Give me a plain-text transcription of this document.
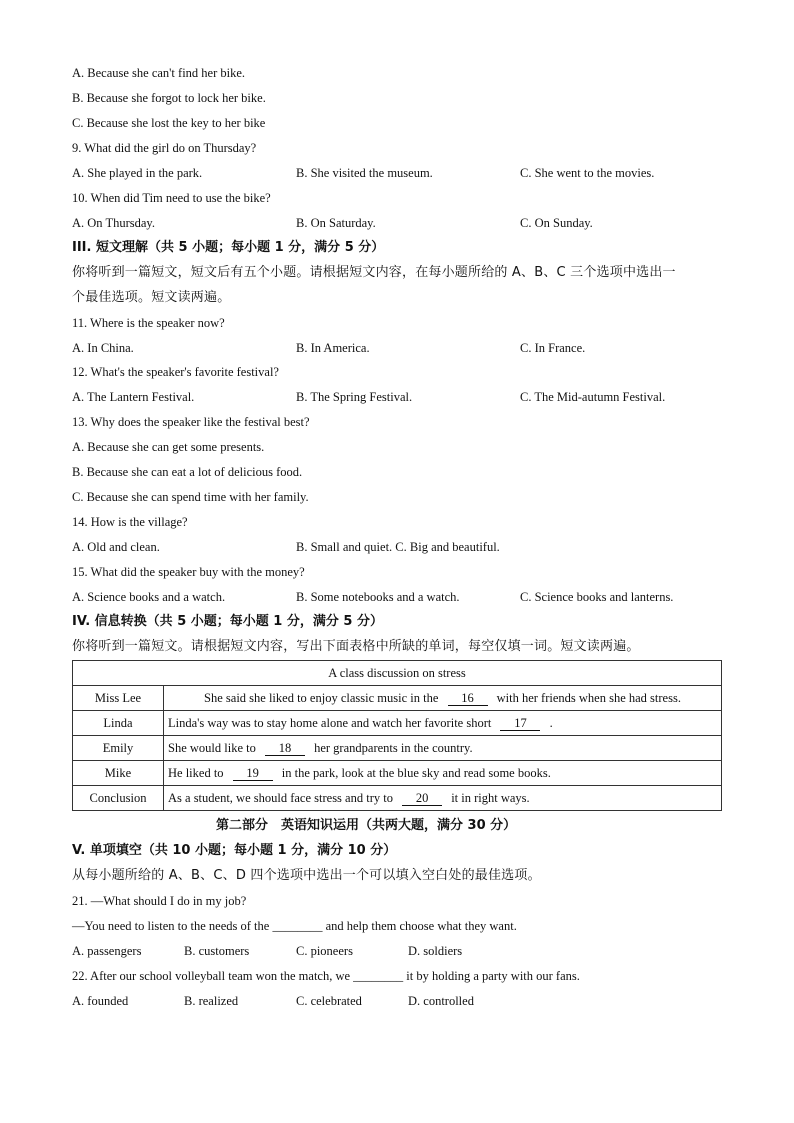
A. Because she can't find her bike.
B. Because she forgot to lock her bike.
C. Because she lost the key to her bike
9. What did the girl do on Thursday?
A. She played in the park.	B. She visited the museum.	C. She went to the movies.
10. When did Tim need to use the bike?
A. On Thursday.	B. On Saturday.	C. On Sunday.
III. 短文理解（共 5 小题；每小题 1 分，满分 5 分）
你将听到一篇短文，短文后有五个小题。请根据短文内容，在每小题所给的 A、B、C 三个选项中选出一
个最佳选项。短文读两遍。
11. Where is the speaker now?
A. In China.	B. In America.	C. In France.
12. What's the speaker's favorite festival?
A. The Lantern Festival.	B. The Spring Festival.	C. The Mid-autumn Festival.
13. Why does the speaker like the festival best?
A. Because she can get some presents.
B. Because she can eat a lot of delicious food.
C. Because she can spend time with her family.
14. How is the village?
A. Old and clean.	B. Small and quiet. C. Big and beautiful.
15. What did the speaker buy with the money?
A. Science books and a watch.	B. Some notebooks and a watch.	C. Science books and lanterns.
IV. 信息转换（共 5 小题；每小题 1 分，满分 5 分）
你将听到一篇短文。请根据短文内容，写出下面表格中所缺的单词，每空仅填一词。短文读两遍。
A class discussion on stress	
Miss Lee	She said she liked to enjoy classic music in the 16 with her friends when she had stress.
Linda	Linda's way was to stay home alone and watch her favorite short 17 .
Emily	She would like to 18 her grandparents in the country.
Mike	He liked to 19 in the park, look at the blue sky and read some books.
Conclusion	As a student, we should face stress and try to 20 it in right ways.
第二部分　英语知识运用（共两大题，满分 30 分）
V. 单项填空（共 10 小题；每小题 1 分，满分 10 分）
从每小题所给的 A、B、C、D 四个选项中选出一个可以填入空白处的最佳选项。
21. —What should I do in my job?
—You need to listen to the needs of the ________ and help them choose what they want.
A. passengers	B. customers	C. pioneers	D. soldiers
22. After our school volleyball team won the match, we ________ it by holding a party with our fans.
A. founded	B. realized	C. celebrated	D. controlled
